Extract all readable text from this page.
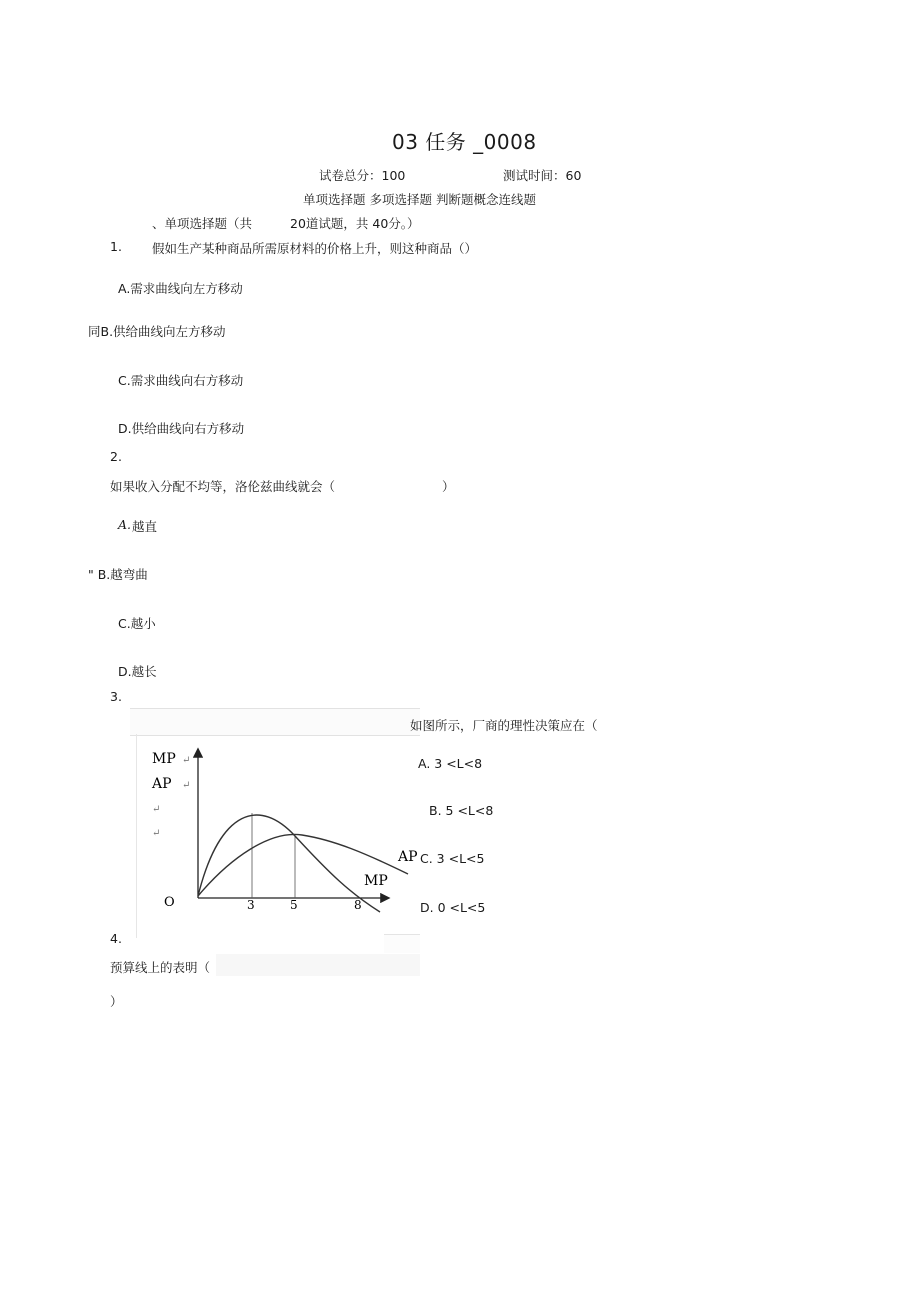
03 任务 _0008
试卷总分：100	测试时间：60
单项选择题 多项选择题 判断题概念连线题
、单项选择题（共	20道试题，共 40分。）
1. 假如生产某种商品所需原材料的价格上升，则这种商品（）
A.需求曲线向左方移动
同B.供给曲线向左方移动
C.需求曲线向右方移动
D.供给曲线向右方移动
2.
如果收入分配不均等，洛伦兹曲线就会（	）
A. 越直
" B.越弯曲
C.越小
D.越长
3.
MP ↵
AP ↵
↵
↵
O	3	5	8
AP
MP
如图所示，厂商的理性决策应在（
A. 3 <L<8
B. 5 <L<8
C. 3 <L<5
D. 0 <L<5
4.
预算线上的表明（
）
